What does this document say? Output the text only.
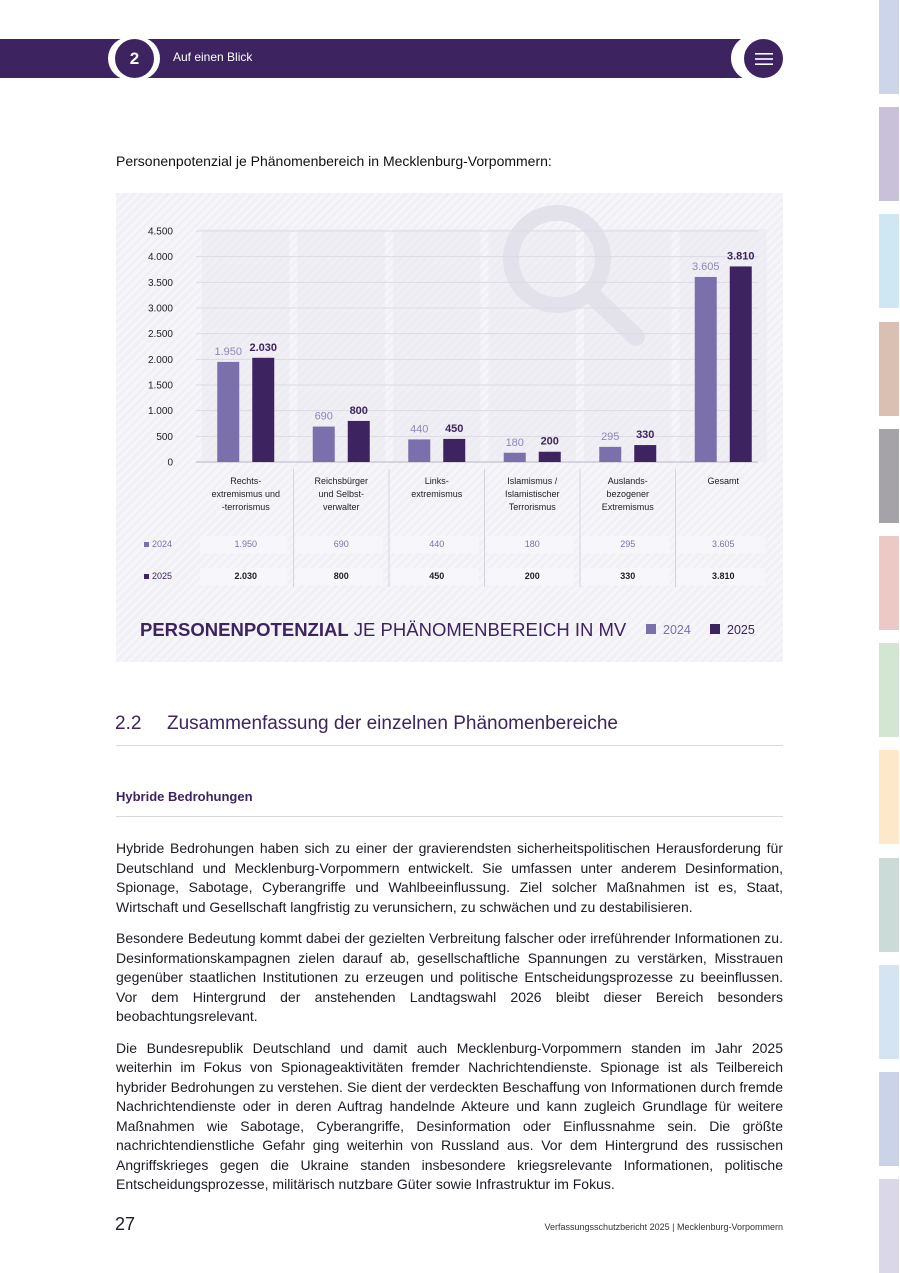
2	Auf einen Blick
Personenpotenzial je Phänomenbereich in Mecklenburg-Vorpommern:
0
500
1.000
1.500
2.000
2.500
3.000
3.500
4.000
4.500
1.950
690
440
180	295
3.605
2.030
800
450
200
330
3.810
Rechts-
extremismus und
-terrorismus
Reichsbürger
und Selbst-
verwalter
Links-
extremismus
Islamismus /
Islamistischer
Terrorismus
Auslands-
bezogener
Extremismus
Gesamt
2024	1.950	690	440	180	295	3.605
2025	2.030	800	450	200	330	3.810
PERSONENPOTENZIAL JE PHÄNOMENBEREICH IN MV	2024	2025
2.2 Zusammenfassung der einzelnen Phänomenbereiche
Hybride Bedrohungen

Hybride Bedrohungen haben sich zu einer der gravierendsten sicherheitspolitischen Herausforderung für Deutschland und Mecklenburg-Vorpommern entwickelt. Sie umfassen unter anderem Desinformation, Spionage, Sabotage, Cyberangriffe und Wahlbeeinflussung. Ziel solcher Maßnahmen ist es, Staat, Wirtschaft und Gesellschaft langfristig zu verunsichern, zu schwächen und zu destabilisieren.

Besondere Bedeutung kommt dabei der gezielten Verbreitung falscher oder irreführender Informationen zu. Desinformationskampagnen zielen darauf ab, gesellschaftliche Spannungen zu verstärken, Misstrauen gegenüber staatlichen Institutionen zu erzeugen und politische Entscheidungsprozesse zu beeinflussen. Vor dem Hintergrund der anstehenden Landtagswahl 2026 bleibt dieser Bereich besonders beobachtungsrelevant.

Die Bundesrepublik Deutschland und damit auch Mecklenburg-Vorpommern standen im Jahr 2025 weiterhin im Fokus von Spionageaktivitäten fremder Nachrichtendienste. Spionage ist als Teilbereich hybrider Bedrohungen zu verstehen. Sie dient der verdeckten Beschaffung von Informationen durch fremde Nachrichtendienste oder in deren Auftrag handelnde Akteure und kann zugleich Grundlage für weitere Maßnahmen wie Sabotage, Cyberangriffe, Desinformation oder Einflussnahme sein. Die größte nachrichtendienstliche Gefahr ging weiterhin von Russland aus. Vor dem Hintergrund des russischen Angriffskrieges gegen die Ukraine standen insbesondere kriegsrelevante Informationen, politische Entscheidungsprozesse, militärisch nutzbare Güter sowie Infrastruktur im Fokus.

27	Verfassungsschutzbericht 2025 | Mecklenburg-Vorpommern
